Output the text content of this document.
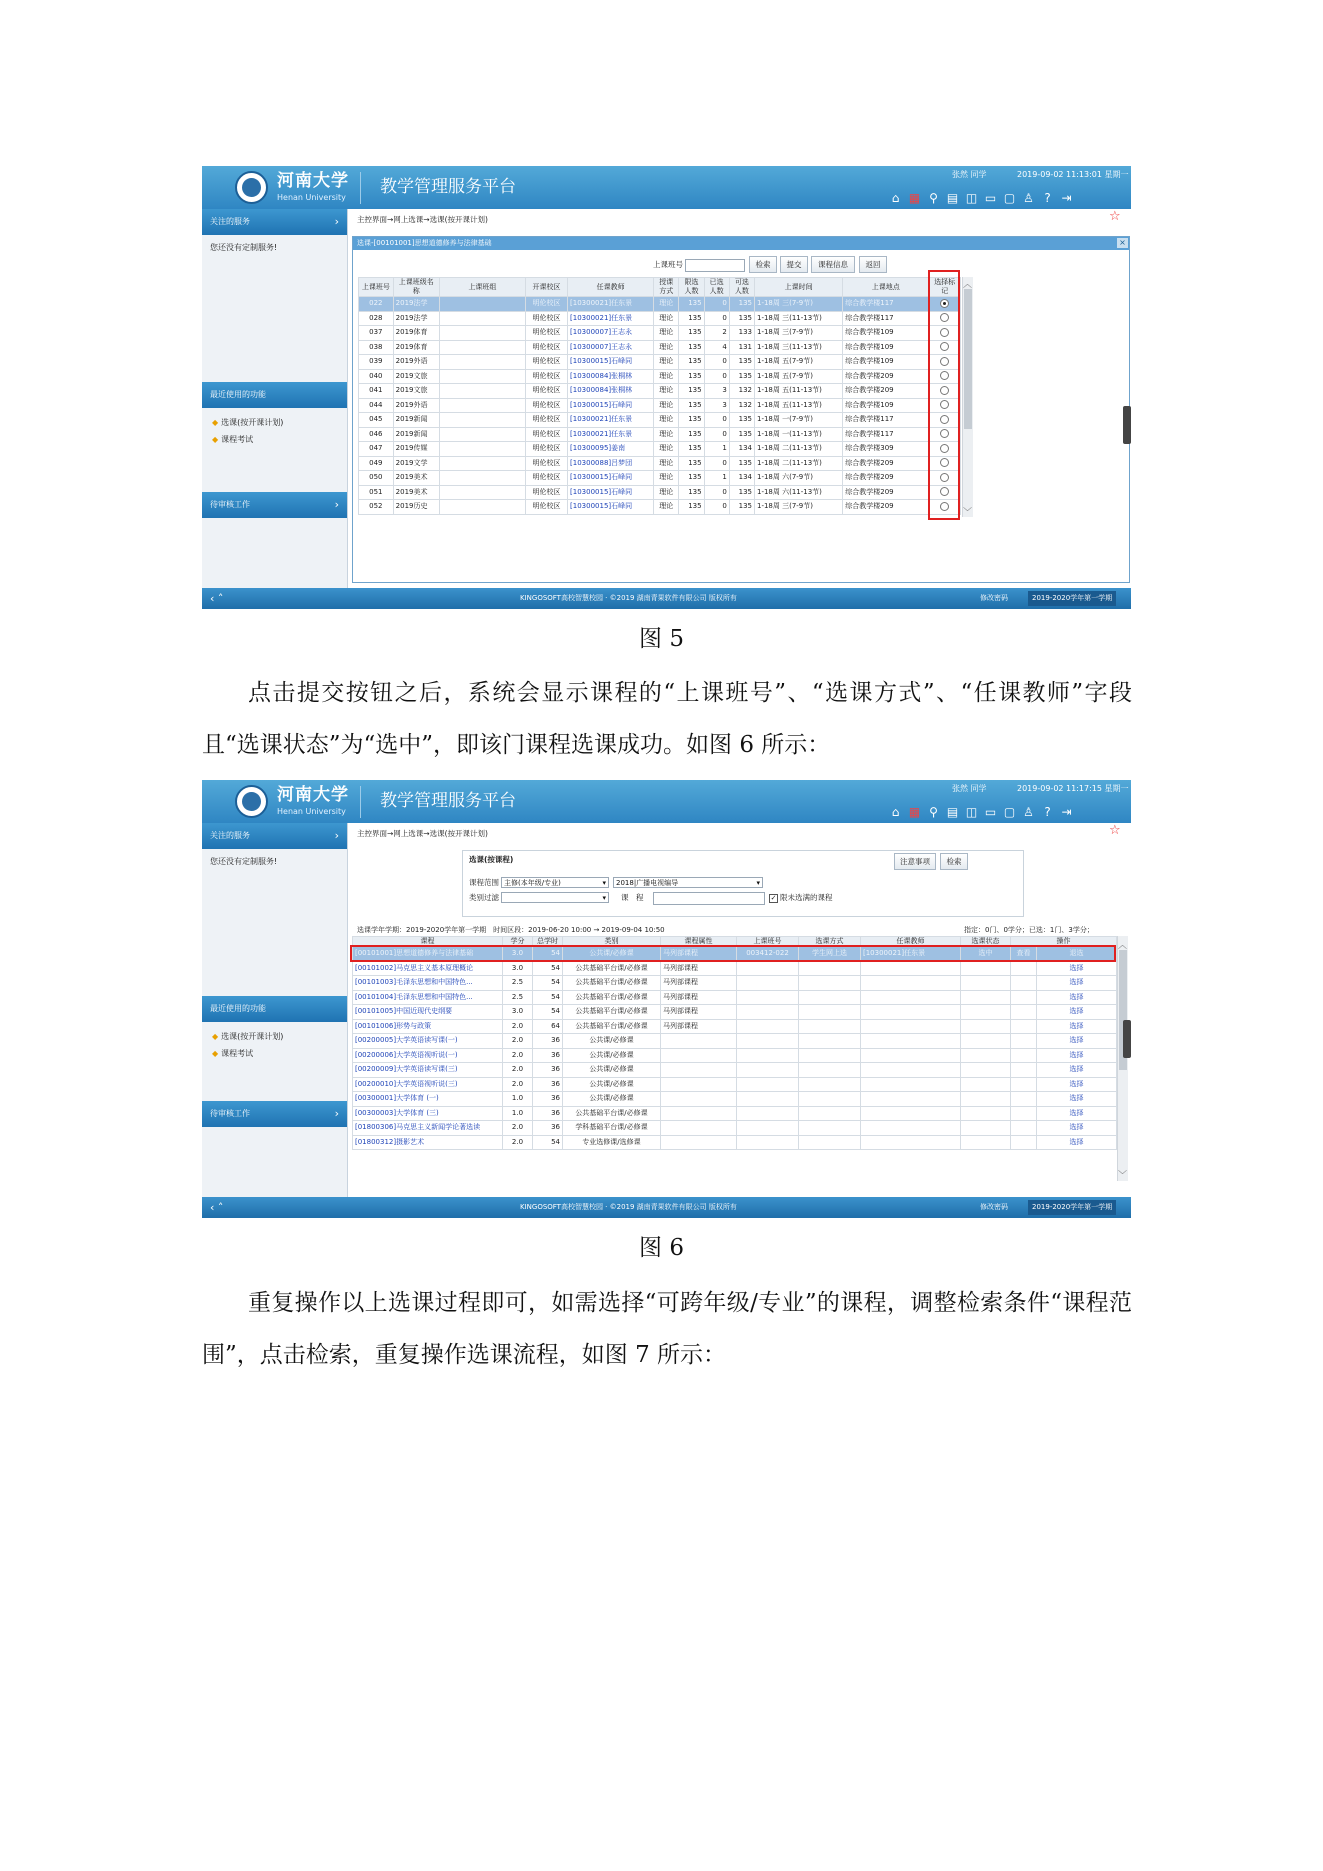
河南大学
Henan University
教学管理服务平台
张然 同学	2019-09-02 11:13:01 星期一
⌂ ▦ ⚲ ▤ ◫ ▭ ▢ ♙ ? ⇥
关注的服务	›
您还没有定制服务!
最近使用的功能
◆ 选课(按开课计划)
◆ 课程考试
待审核工作	›
主控界面→网上选课→选课(按开课计划)	☆
选课-[00101001]思想道德修养与法律基础	×
上课班号	检索	提交	课程信息	返回
上课班号	上课班级名称	上课班组	开课校区	任课教师	授课方式	限选人数	已选人数	可选人数	上课时间	上课地点	选择标记
022	2019法学		明伦校区	[10300021]任东景	理论	135	0	135	1-18周 三(7-9节)	综合教学楼117	
028	2019法学		明伦校区	[10300021]任东景	理论	135	0	135	1-18周 三(11-13节)	综合教学楼117	
037	2019体育		明伦校区	[10300007]王志永	理论	135	2	133	1-18周 三(7-9节)	综合教学楼109	
038	2019体育		明伦校区	[10300007]王志永	理论	135	4	131	1-18周 三(11-13节)	综合教学楼109	
039	2019外语		明伦校区	[10300015]石峰同	理论	135	0	135	1-18周 五(7-9节)	综合教学楼109	
040	2019文旅		明伦校区	[10300084]张桐林	理论	135	0	135	1-18周 五(7-9节)	综合教学楼209	
041	2019文旅		明伦校区	[10300084]张桐林	理论	135	3	132	1-18周 五(11-13节)	综合教学楼209	
044	2019外语		明伦校区	[10300015]石峰同	理论	135	3	132	1-18周 五(11-13节)	综合教学楼109	
045	2019新闻		明伦校区	[10300021]任东景	理论	135	0	135	1-18周 一(7-9节)	综合教学楼117	
046	2019新闻		明伦校区	[10300021]任东景	理论	135	0	135	1-18周 一(11-13节)	综合教学楼117	
047	2019传媒		明伦校区	[10300095]姜南	理论	135	1	134	1-18周 二(11-13节)	综合教学楼309	
049	2019文学		明伦校区	[10300088]吕梦団	理论	135	0	135	1-18周 二(11-13节)	综合教学楼209	
050	2019美术		明伦校区	[10300015]石峰同	理论	135	1	134	1-18周 六(7-9节)	综合教学楼209	
051	2019美术		明伦校区	[10300015]石峰同	理论	135	0	135	1-18周 六(11-13节)	综合教学楼209	
052	2019历史		明伦校区	[10300015]石峰同	理论	135	0	135	1-18周 三(7-9节)	综合教学楼209	
︿
﹀
‹ ˄	KINGOSOFT高校智慧校园 · ©2019 湖南青果软件有限公司 版权所有	修改密码	2019-2020学年第一学期
图 5

点击提交按钮之后，系统会显示课程的“上课班号”、“选课方式”、“任课教师”字段且“选课状态”为“选中”，即该门课程选课成功。如图 6 所示：

河南大学
Henan University
教学管理服务平台
张然 同学	2019-09-02 11:17:15 星期一
⌂ ▦ ⚲ ▤ ◫ ▭ ▢ ♙ ? ⇥
关注的服务	›
您还没有定制服务!
最近使用的功能
◆ 选课(按开课计划)
◆ 课程考试
待审核工作	›
主控界面→网上选课→选课(按开课计划)	☆
选课(按课程)
课程范围 主修(本年级/专业)	▾	2018|广播电视编导	▾
类别过滤	▾ 课　程	✓ 限未选满的课程
注意事项	检索
选课学年学期：2019-2020学年第一学期　时间区段：2019-06-20 10:00 → 2019-09-04 10:50	指定：0门、0学分；已选：1门、3学分；
课程	学分	总学时	类别	课程属性	上课班号	选课方式	任课教师	选课状态	操作	
[00101001]思想道德修养与法律基础	3.0	54	公共课/必修课	马列部课程	003412-022	学生网上选	[10300021]任东景	选中	查看	退选
[00101002]马克思主义基本原理概论	3.0	54	公共基础平台课/必修课	马列部课程						选择
[00101003]毛泽东思想和中国特色...	2.5	54	公共基础平台课/必修课	马列部课程						选择
[00101004]毛泽东思想和中国特色...	2.5	54	公共基础平台课/必修课	马列部课程						选择
[00101005]中国近现代史纲要	3.0	54	公共基础平台课/必修课	马列部课程						选择
[00101006]形势与政策	2.0	64	公共基础平台课/必修课	马列部课程						选择
[00200005]大学英语读写课(一)	2.0	36	公共课/必修课							选择
[00200006]大学英语视听说(一)	2.0	36	公共课/必修课							选择
[00200009]大学英语读写课(三)	2.0	36	公共课/必修课							选择
[00200010]大学英语视听说(三)	2.0	36	公共课/必修课							选择
[00300001]大学体育 (一)	1.0	36	公共课/必修课							选择
[00300003]大学体育 (三)	1.0	36	公共基础平台课/必修课							选择
[01800306]马克思主义新闻学论著选读	2.0	36	学科基础平台课/必修课							选择
[01800312]摄影艺术	2.0	54	专业选修课/选修课							选择
︿
﹀
‹ ˄	KINGOSOFT高校智慧校园 · ©2019 湖南青果软件有限公司 版权所有	修改密码	2019-2020学年第一学期
图 6

重复操作以上选课过程即可，如需选择“可跨年级/专业”的课程，调整检索条件“课程范围”，点击检索，重复操作选课流程，如图 7 所示：
